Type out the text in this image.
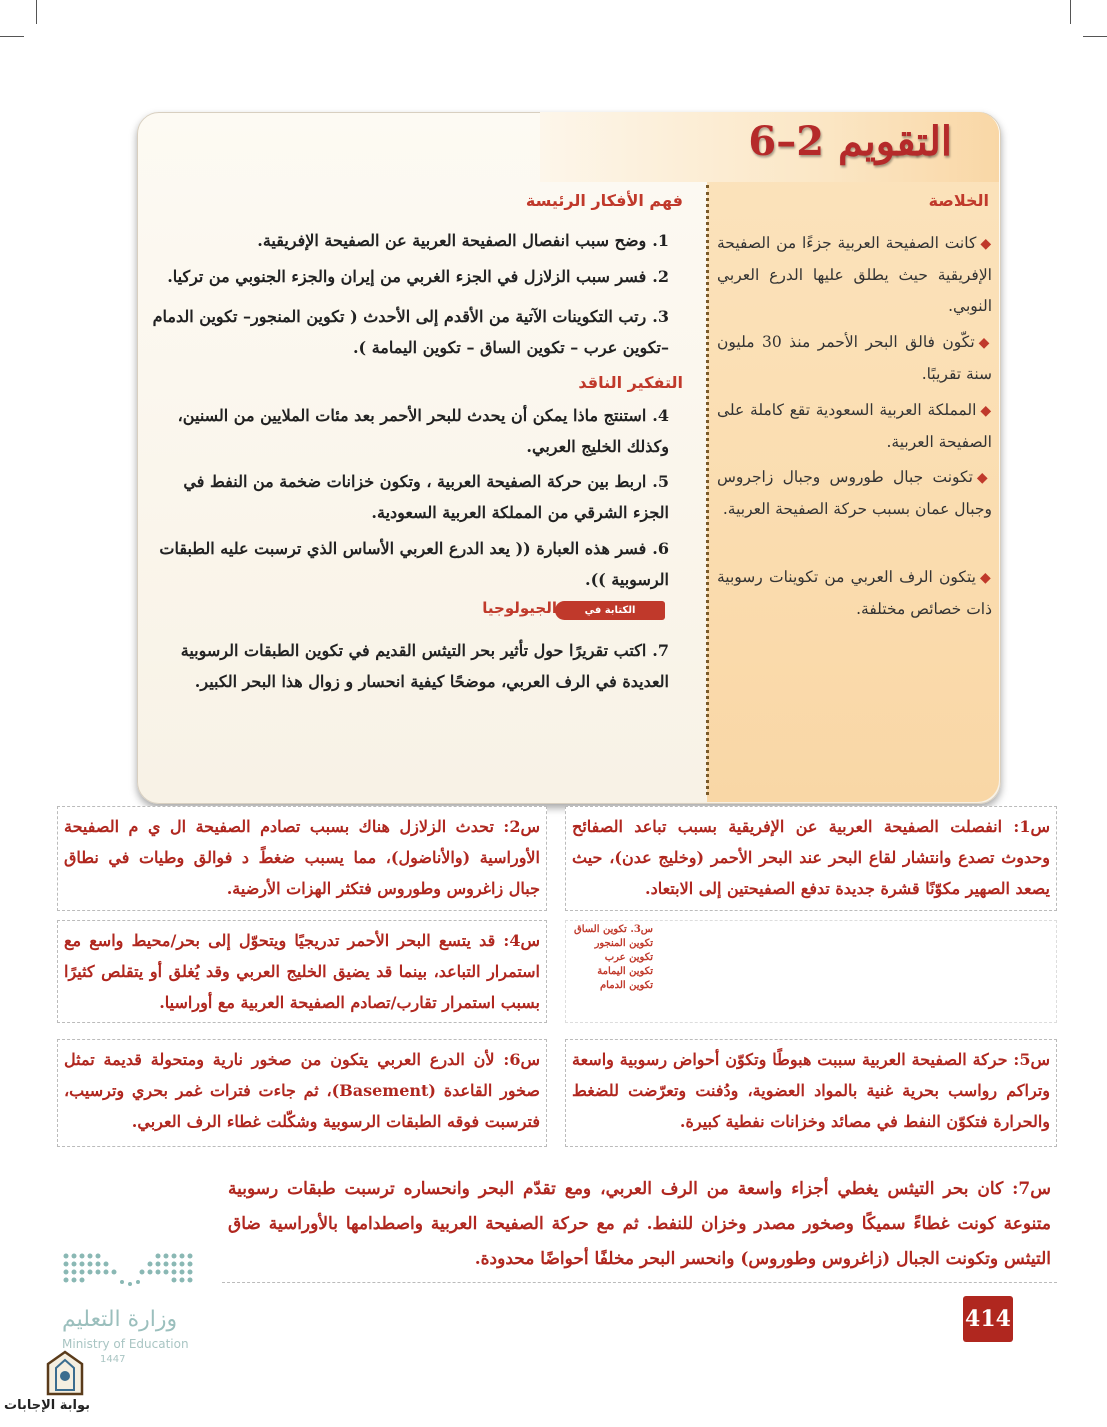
التقويم 2–6
الخلاصة
◆كانت الصفيحة العربية جزءًا من الصفيحة الإفريقية حيث يطلق عليها الدرع العربي النوبي.
◆تكّون فالق البحر الأحمر منذ 30 مليون سنة تقريبًا.
◆المملكة العربية السعودية تقع كاملة على الصفيحة العربية.
◆تكونت جبال طوروس وجبال زاجروس وجبال عمان بسبب حركة الصفيحة العربية.
◆يتكون الرف العربي من تكوينات رسوبية ذات خصائص مختلفة.
فهم الأفكار الرئيسة
1.وضح سبب انفصال الصفيحة العربية عن الصفيحة الإفريقية.
2.فسر سبب الزلازل في الجزء الغربي من إيران والجزء الجنوبي من تركيا.
3.رتب التكوينات الآتية من الأقدم إلى الأحدث ( تكوين المنجور– تكوين الدمام –تكوين عرب – تكوين الساق – تكوين اليمامة ).
التفكير الناقد
4.استنتج ماذا يمكن أن يحدث للبحر الأحمر بعد مئات الملايين من السنين، وكذلك الخليج العربي.
5.اربط بين حركة الصفيحة العربية ، وتكون خزانات ضخمة من النفط في الجزء الشرقي من المملكة العربية السعودية.
6.فسر هذه العبارة (( يعد الدرع العربي الأساس الذي ترسبت عليه الطبقات الرسوبية )).
الكتابة في
الجيولوجيا
7.اكتب تقريرًا حول تأثير بحر التيثس القديم في تكوين الطبقات الرسوبية العديدة في الرف العربي، موضحًا كيفية انحسار و زوال هذا البحر الكبير.
س1: انفصلت الصفيحة العربية عن الإفريقية بسبب تباعد الصفائح وحدوث تصدع وانتشار لقاع البحر عند البحر الأحمر (وخليج عدن)، حيث يصعد الصهير مكوّنًا قشرة جديدة تدفع الصفيحتين إلى الابتعاد.
س2: تحدث الزلازل هناك بسبب تصادم الصفيحة ال ي م الصفيحة الأوراسية (والأناضول)، مما يسبب ضغطً د فوالق وطيات في نطاق جبال زاغروس وطوروس فتكثر الهزات الأرضية.
س4: قد يتسع البحر الأحمر تدريجيًا ويتحوّل إلى بحر/محيط واسع مع استمرار التباعد، بينما قد يضيق الخليج العربي وقد يُغلق أو يتقلص كثيرًا بسبب استمرار تقارب/تصادم الصفيحة العربية مع أوراسيا.
س3. تكوين الساق
تكوين المنجور
تكوين عرب
تكوين اليمامة
تكوين الدمام
س6: لأن الدرع العربي يتكون من صخور نارية ومتحولة قديمة تمثل صخور القاعدة (Basement)، ثم جاءت فترات غمر بحري وترسيب، فترسبت فوقه الطبقات الرسوبية وشكّلت غطاء الرف العربي.
س5: حركة الصفيحة العربية سببت هبوطًا وتكوّن أحواض رسوبية واسعة وتراكم رواسب بحرية غنية بالمواد العضوية، ودُفنت وتعرّضت للضغط والحرارة فتكوّن النفط في مصائد وخزانات نفطية كبيرة.
س7: كان بحر التيثس يغطي أجزاء واسعة من الرف العربي، ومع تقدّم البحر وانحساره ترسبت طبقات رسوبية متنوعة كونت غطاءً سميكًا وصخور مصدر وخزان للنفط. ثم مع حركة الصفيحة العربية واصطدامها بالأوراسية ضاق التيثس وتكونت الجبال (زاغروس وطوروس) وانحسر البحر مخلفًا أحواضًا محدودة.
414
وزارة التعليم
Ministry of Education
1447
بوابة الإجابات
